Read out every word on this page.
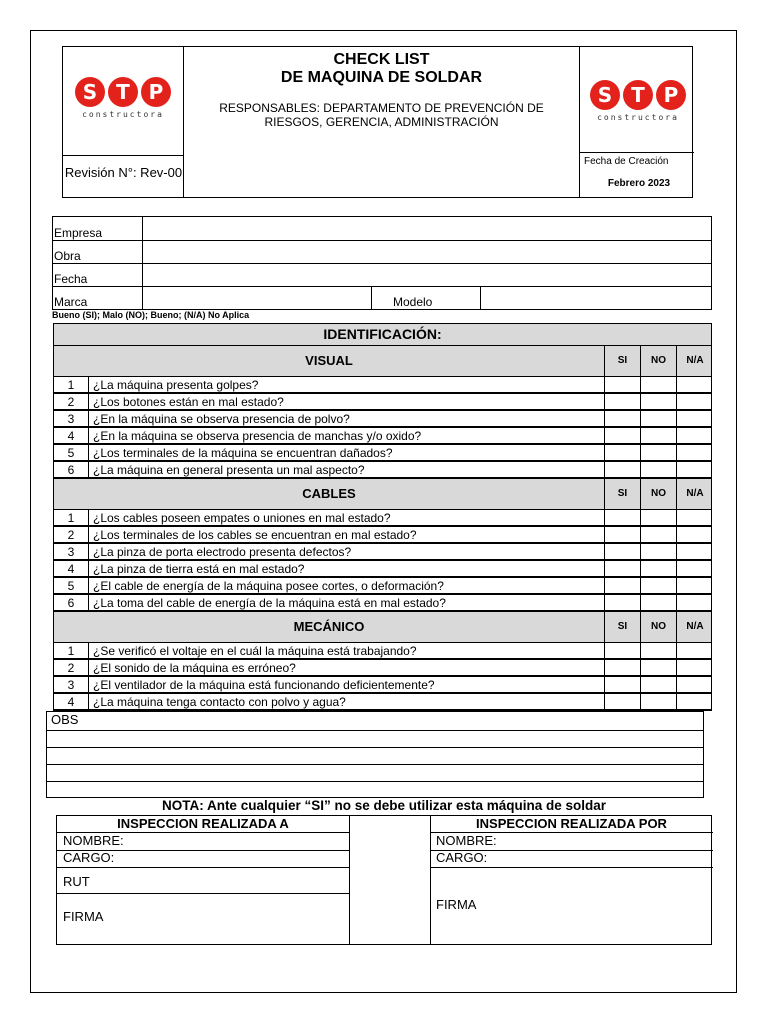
S T P
constructora
CHECK LIST
DE MAQUINA DE SOLDAR
RESPONSABLES: DEPARTAMENTO DE PREVENCIÓN DE RIESGOS, GERENCIA, ADMINISTRACIÓN
Revisión N°: Rev-00
S T P
constructora
Fecha de Creación
Febrero 2023
Empresa
Obra
Fecha
Marca	Modelo
Bueno (SI); Malo (NO); Bueno; (N/A) No Aplica
IDENTIFICACIÓN:
VISUAL	SI	NO	N/A
1	¿La máquina presenta golpes?
2	¿Los botones están en mal estado?
3	¿En la máquina se observa presencia de polvo?
4	¿En la máquina se observa presencia de manchas y/o oxido?
5	¿Los terminales de la máquina se encuentran dañados?
6	¿La máquina en general presenta un mal aspecto?
CABLES	SI	NO	N/A
1	¿Los cables poseen empates o uniones en mal estado?
2	¿Los terminales de los cables se encuentran en mal estado?
3	¿La pinza de porta electrodo presenta defectos?
4	¿La pinza de tierra está en mal estado?
5	¿El cable de energía de la máquina posee cortes, o deformación?
6	¿La toma del cable de energía de la máquina está en mal estado?
MECÁNICO	SI	NO	N/A
1	¿Se verificó el voltaje en el cuál la máquina está trabajando?
2	¿El sonido de la máquina es erróneo?
3	¿El ventilador de la máquina está funcionando deficientemente?
4	¿La máquina tenga contacto con polvo y agua?
OBS
NOTA: Ante cualquier “SI” no se debe utilizar esta máquina de soldar
INSPECCION REALIZADA A
NOMBRE:
CARGO:
RUT
FIRMA
INSPECCION REALIZADA POR
NOMBRE:
CARGO:
FIRMA
